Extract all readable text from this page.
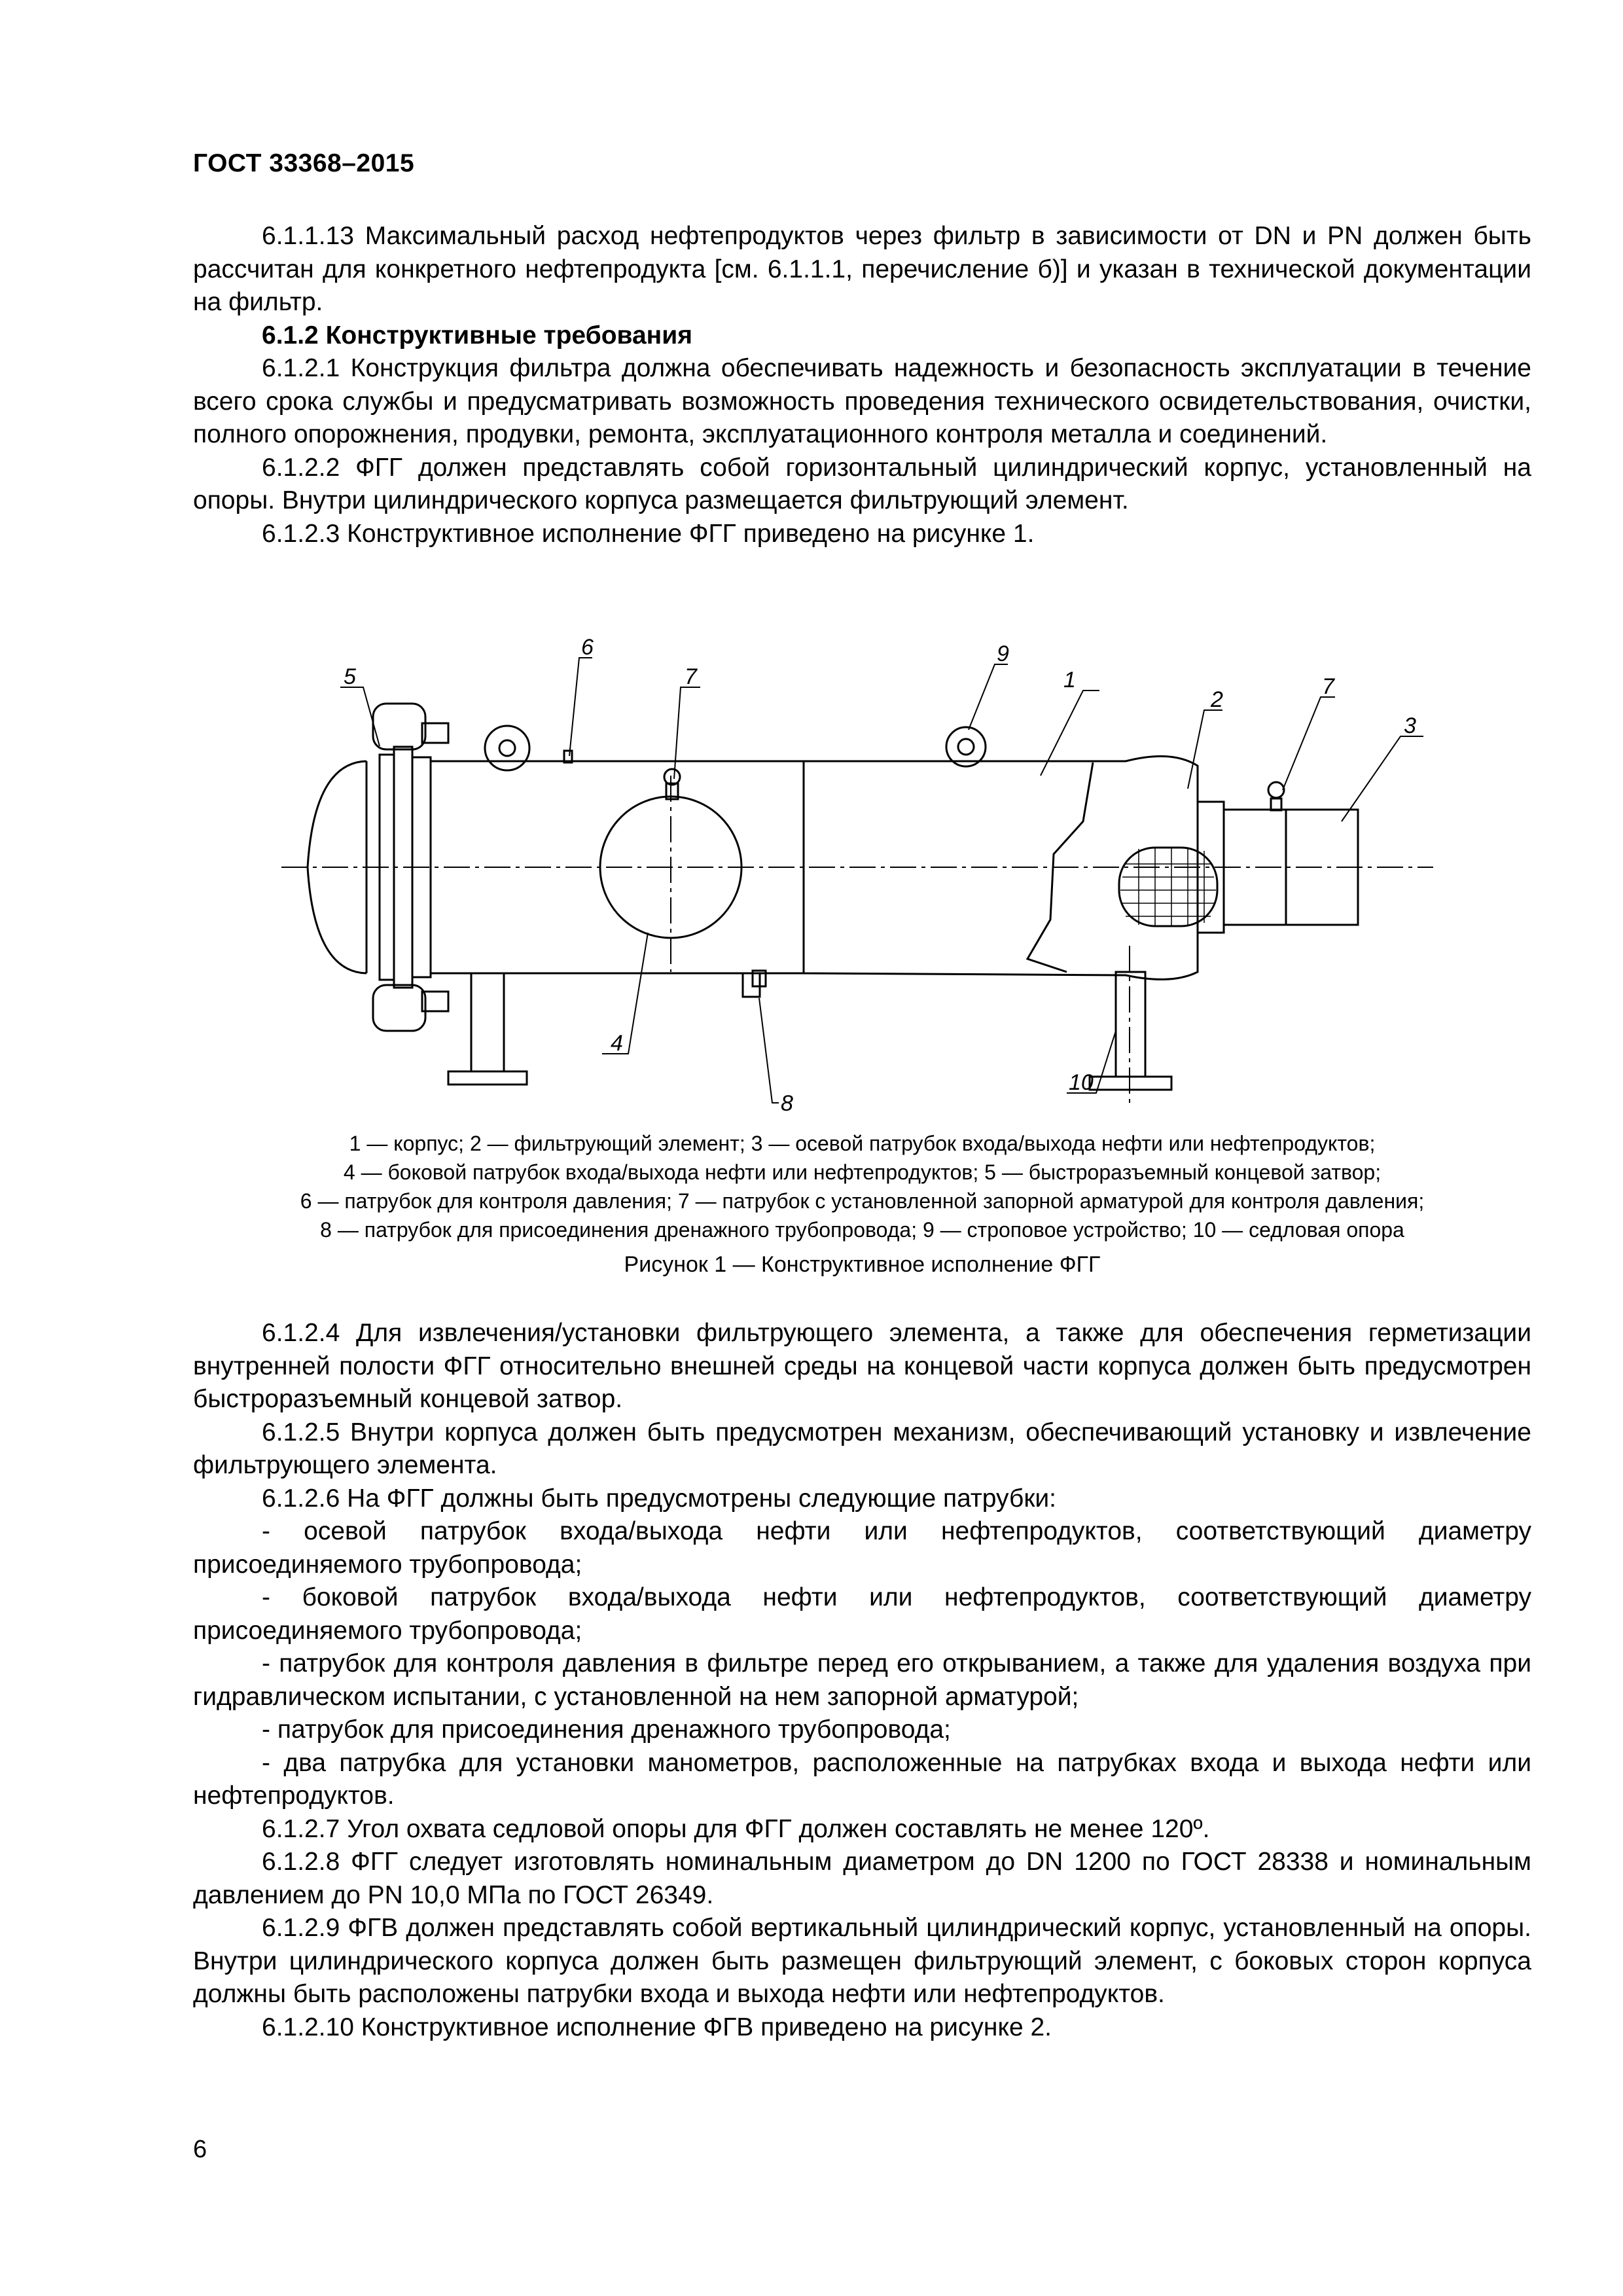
ГОСТ 33368–2015

6.1.1.13 Максимальный расход нефтепродуктов через фильтр в зависимости от DN и PN должен быть рассчитан для конкретного нефтепродукта [см. 6.1.1.1, перечисление б)] и указан в технической документации на фильтр.

6.1.2 Конструктивные требования

6.1.2.1 Конструкция фильтра должна обеспечивать надежность и безопасность эксплуатации в течение всего срока службы и предусматривать возможность проведения технического освидетельствования, очистки, полного опорожнения, продувки, ремонта, эксплуатационного контроля металла и соединений.

6.1.2.2 ФГГ должен представлять собой горизонтальный цилиндрический корпус, установленный на опоры. Внутри цилиндрического корпуса размещается фильтрующий элемент.

6.1.2.3 Конструктивное исполнение ФГГ приведено на рисунке 1.

1
2
3
4
5
6
7	7
8
9
10
1 — корпус; 2 — фильтрующий элемент; 3 — осевой патрубок входа/выхода нефти или нефтепродуктов;
4 — боковой патрубок входа/выхода нефти или нефтепродуктов; 5 — быстроразъемный концевой затвор;
6 — патрубок для контроля давления; 7 — патрубок с установленной запорной арматурой для контроля давления;
8 — патрубок для присоединения дренажного трубопровода; 9 — строповое устройство; 10 — седловая опора
Рисунок 1 — Конструктивное исполнение ФГГ

6.1.2.4 Для извлечения/установки фильтрующего элемента, а также для обеспечения герметизации внутренней полости ФГГ относительно внешней среды на концевой части корпуса должен быть предусмотрен быстроразъемный концевой затвор.

6.1.2.5 Внутри корпуса должен быть предусмотрен механизм, обеспечивающий установку и извлечение фильтрующего элемента.

6.1.2.6 На ФГГ должны быть предусмотрены следующие патрубки:

- осевой патрубок входа/выхода нефти или нефтепродуктов, соответствующий диаметру присоединяемого трубопровода;

- боковой патрубок входа/выхода нефти или нефтепродуктов, соответствующий диаметру присоединяемого трубопровода;

- патрубок для контроля давления в фильтре перед его открыванием, а также для удаления воздуха при гидравлическом испытании, с установленной на нем запорной арматурой;

- патрубок для присоединения дренажного трубопровода;

- два патрубка для установки манометров, расположенные на патрубках входа и выхода нефти или нефтепродуктов.

6.1.2.7 Угол охвата седловой опоры для ФГГ должен составлять не менее 120º.

6.1.2.8 ФГГ следует изготовлять номинальным диаметром до DN 1200 по ГОСТ 28338 и номинальным давлением до PN 10,0 МПа по ГОСТ 26349.

6.1.2.9 ФГВ должен представлять собой вертикальный цилиндрический корпус, установленный на опоры. Внутри цилиндрического корпуса должен быть размещен фильтрующий элемент, с боковых сторон корпуса должны быть расположены патрубки входа и выхода нефти или нефтепродуктов.

6.1.2.10 Конструктивное исполнение ФГВ приведено на рисунке 2.

6
